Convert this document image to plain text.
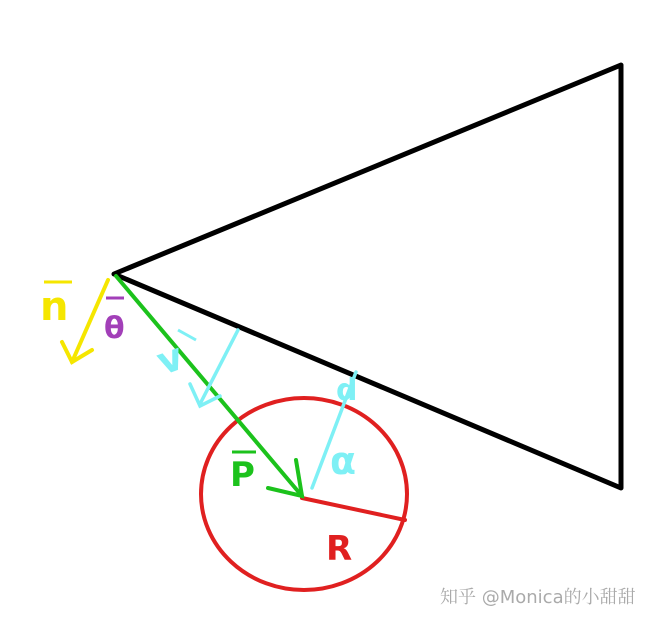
n θ
v
P
d
α
R
知乎 @Monica的小甜甜
